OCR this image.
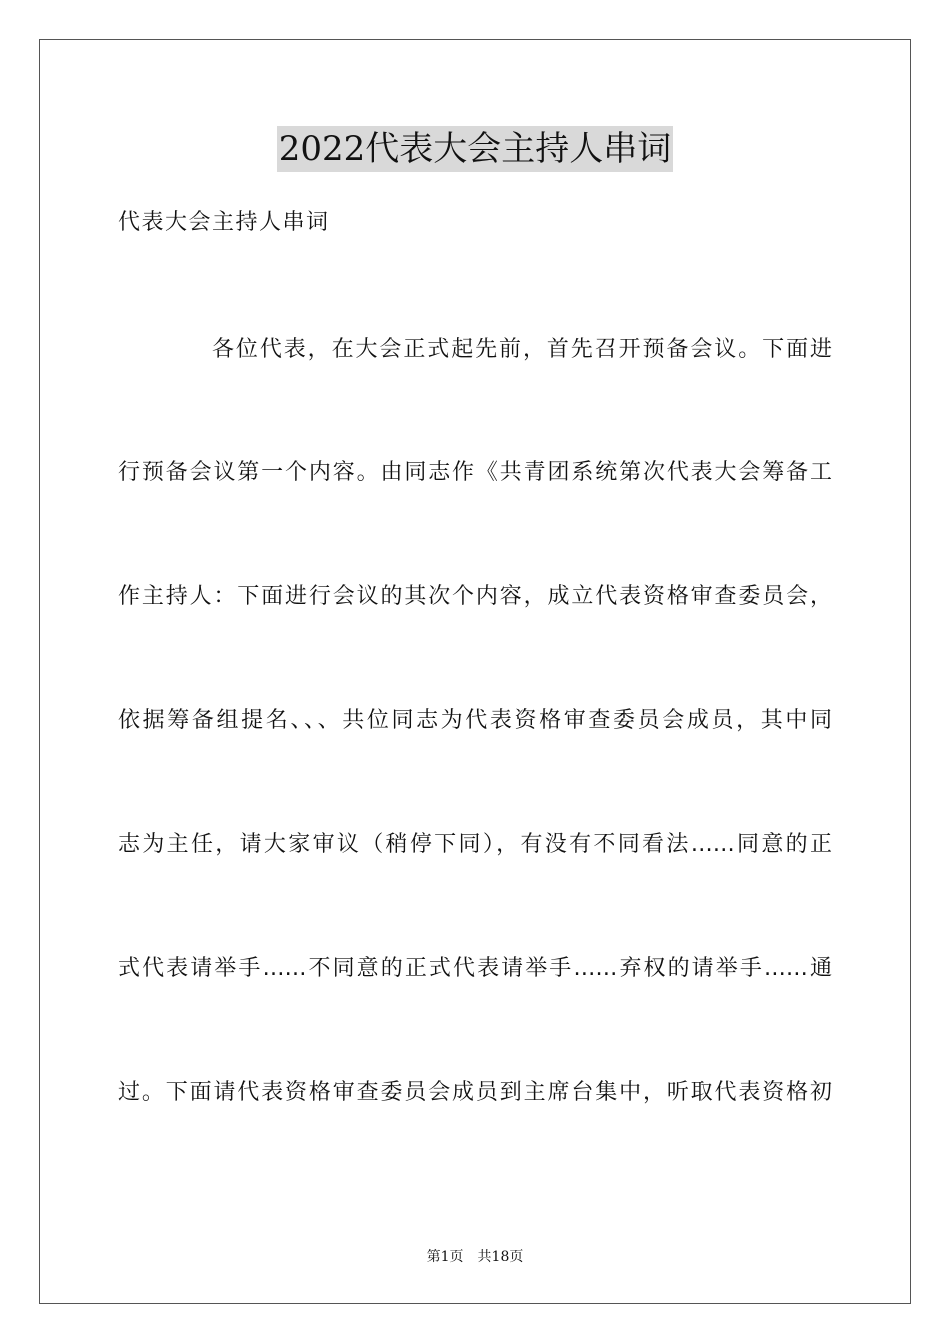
2022代表大会主持人串词
代表大会主持人串词
各位代表，在大会正式起先前，首先召开预备会议。下面进
行预备会议第一个内容。由同志作《共青团系统第次代表大会筹备工
作主持人：下面进行会议的其次个内容，成立代表资格审查委员会，
依据筹备组提名、、、共位同志为代表资格审查委员会成员，其中同
志为主任，请大家审议（稍停下同），有没有不同看法……同意的正
式代表请举手……不同意的正式代表请举手……弃权的请举手……通
过。下面请代表资格审查委员会成员到主席台集中，听取代表资格初
第1页　共18页
